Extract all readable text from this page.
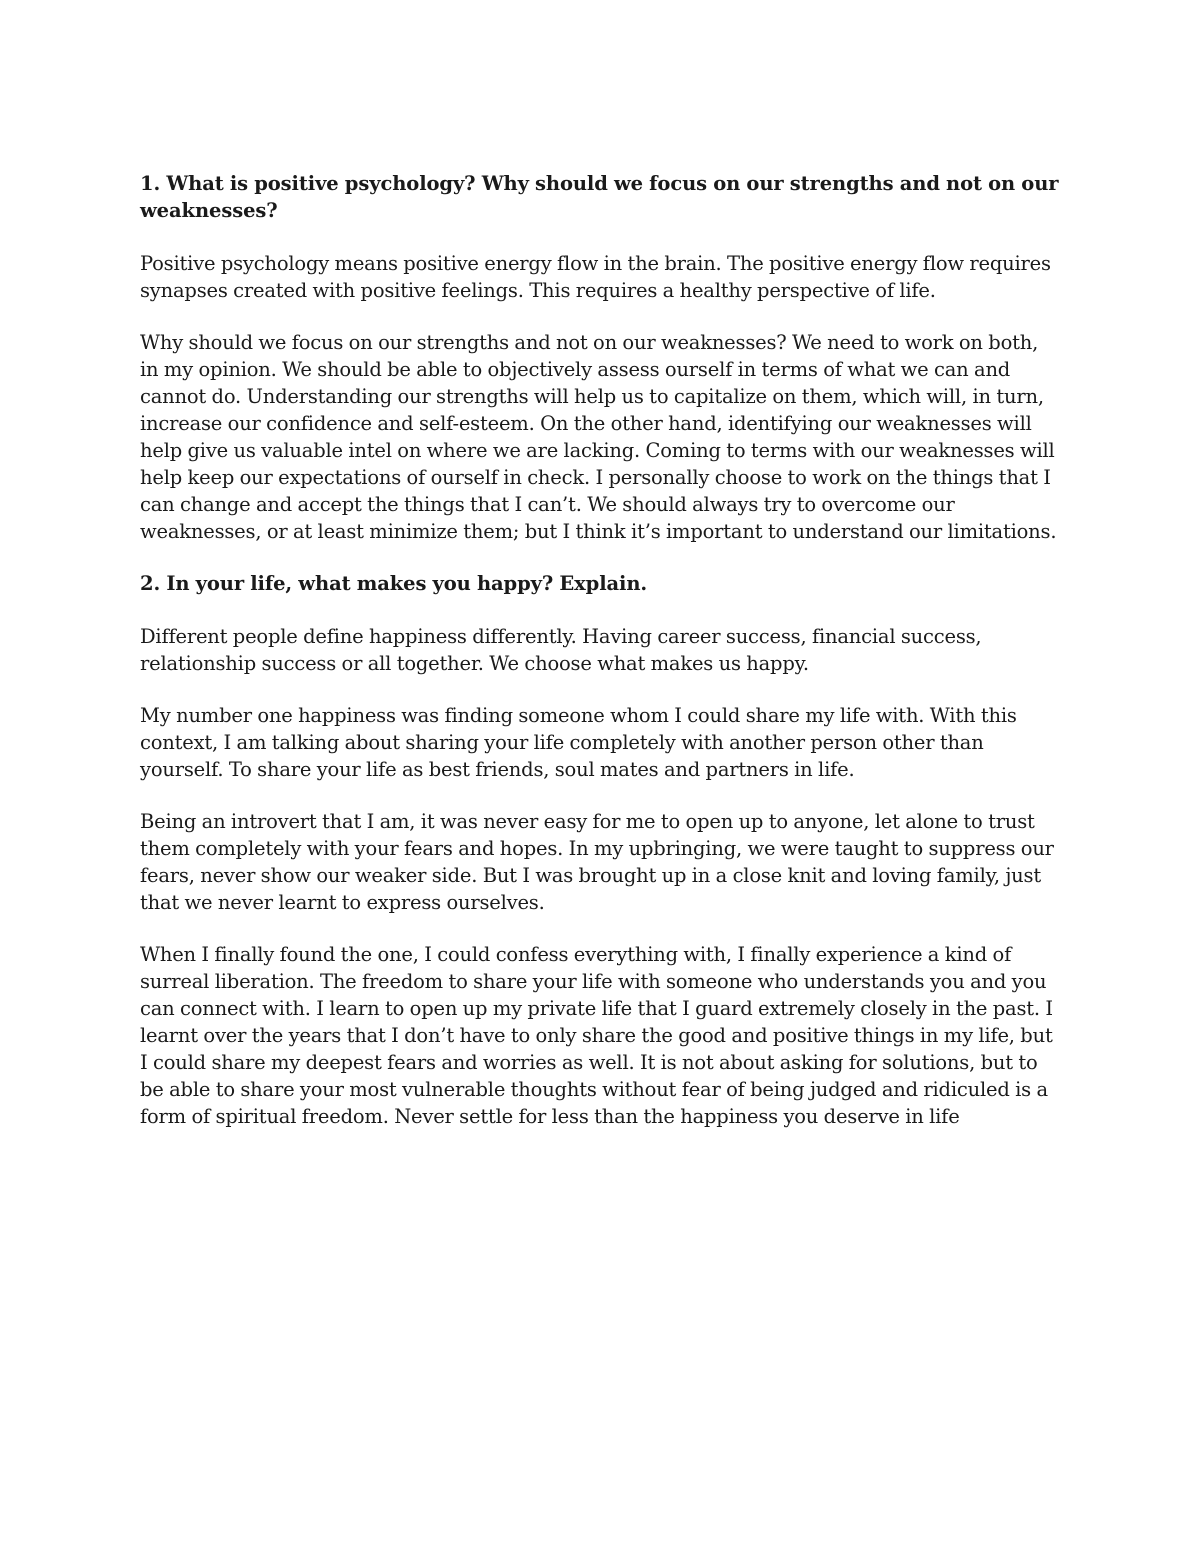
1. What is positive psychology? Why should we focus on our strengths and not on our weaknesses?

Positive psychology means positive energy flow in the brain. The positive energy flow requires synapses created with positive feelings. This requires a healthy perspective of life.

Why should we focus on our strengths and not on our weaknesses? We need to work on both, in my opinion. We should be able to objectively assess ourself in terms of what we can and cannot do. Understanding our strengths will help us to capitalize on them, which will, in turn, increase our confidence and self-esteem. On the other hand, identifying our weaknesses will help give us valuable intel on where we are lacking. Coming to terms with our weaknesses will help keep our expectations of ourself in check. I personally choose to work on the things that I can change and accept the things that I can’t. We should always try to overcome our weaknesses, or at least minimize them; but I think it’s important to understand our limitations.

2. In your life, what makes you happy? Explain.

Different people define happiness differently. Having career success, financial success, relationship success or all together. We choose what makes us happy.

My number one happiness was finding someone whom I could share my life with. With this context, I am talking about sharing your life completely with another person other than yourself. To share your life as best friends, soul mates and partners in life.

Being an introvert that I am, it was never easy for me to open up to anyone, let alone to trust them completely with your fears and hopes. In my upbringing, we were taught to suppress our fears, never show our weaker side. But I was brought up in a close knit and loving family, just that we never learnt to express ourselves.

When I finally found the one, I could confess everything with, I finally experience a kind of surreal liberation. The freedom to share your life with someone who understands you and you can connect with. I learn to open up my private life that I guard extremely closely in the past. I learnt over the years that I don’t have to only share the good and positive things in my life, but I could share my deepest fears and worries as well. It is not about asking for solutions, but to be able to share your most vulnerable thoughts without fear of being judged and ridiculed is a form of spiritual freedom. Never settle for less than the happiness you deserve in life
